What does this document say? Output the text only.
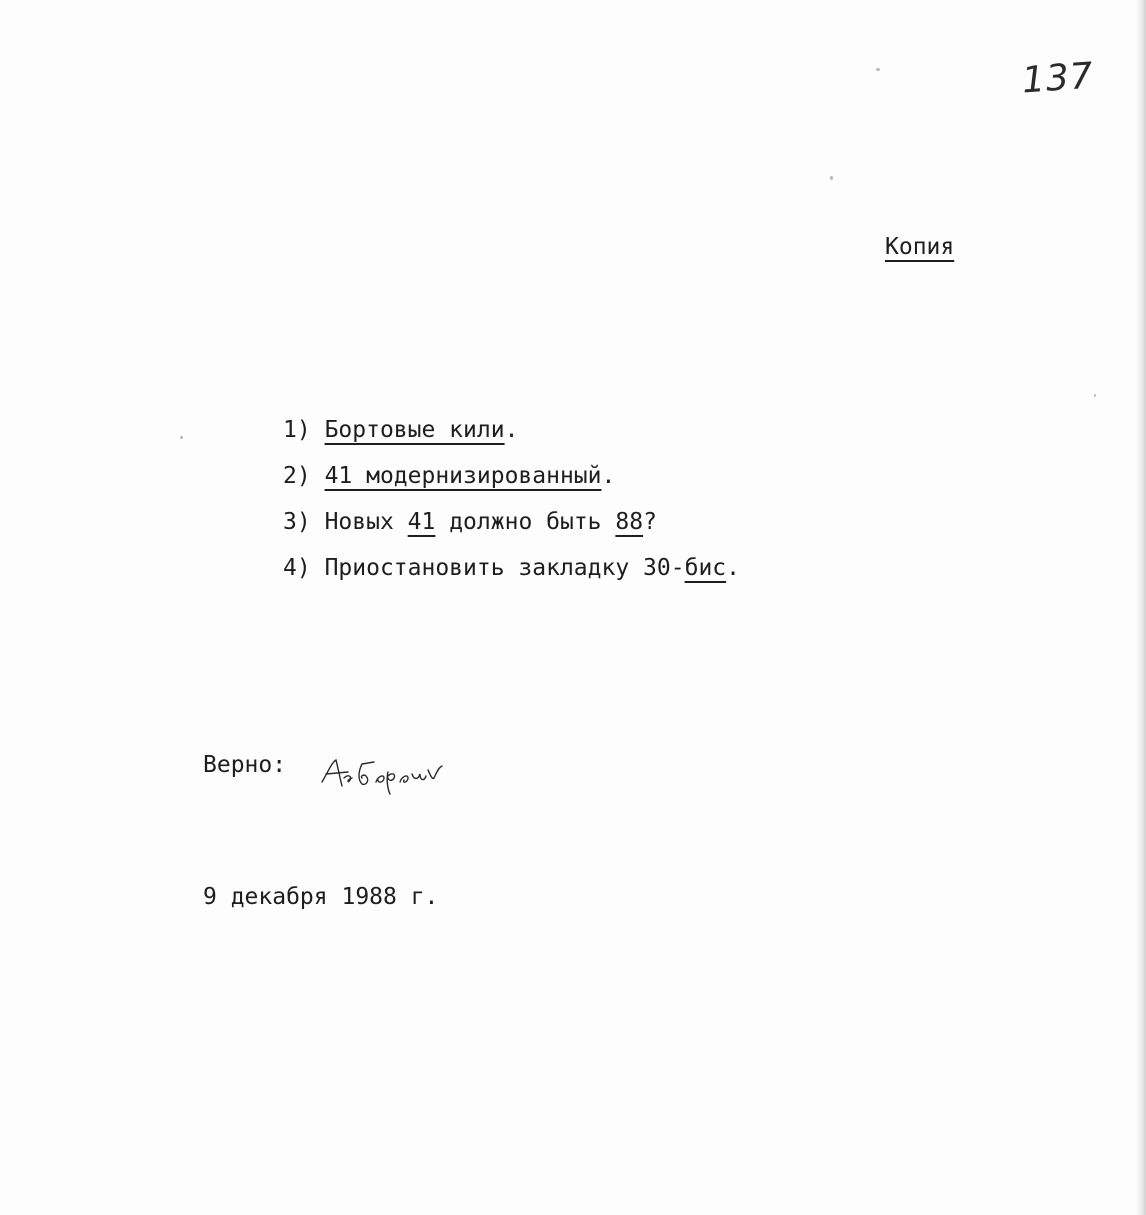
137
Копия
1) Бортовые кили.
2) 41 модернизированный.
3) Новых 41 должно быть 88?
4) Приостановить закладку 30-бис.
Верно:
9 декабря 1988 г.
